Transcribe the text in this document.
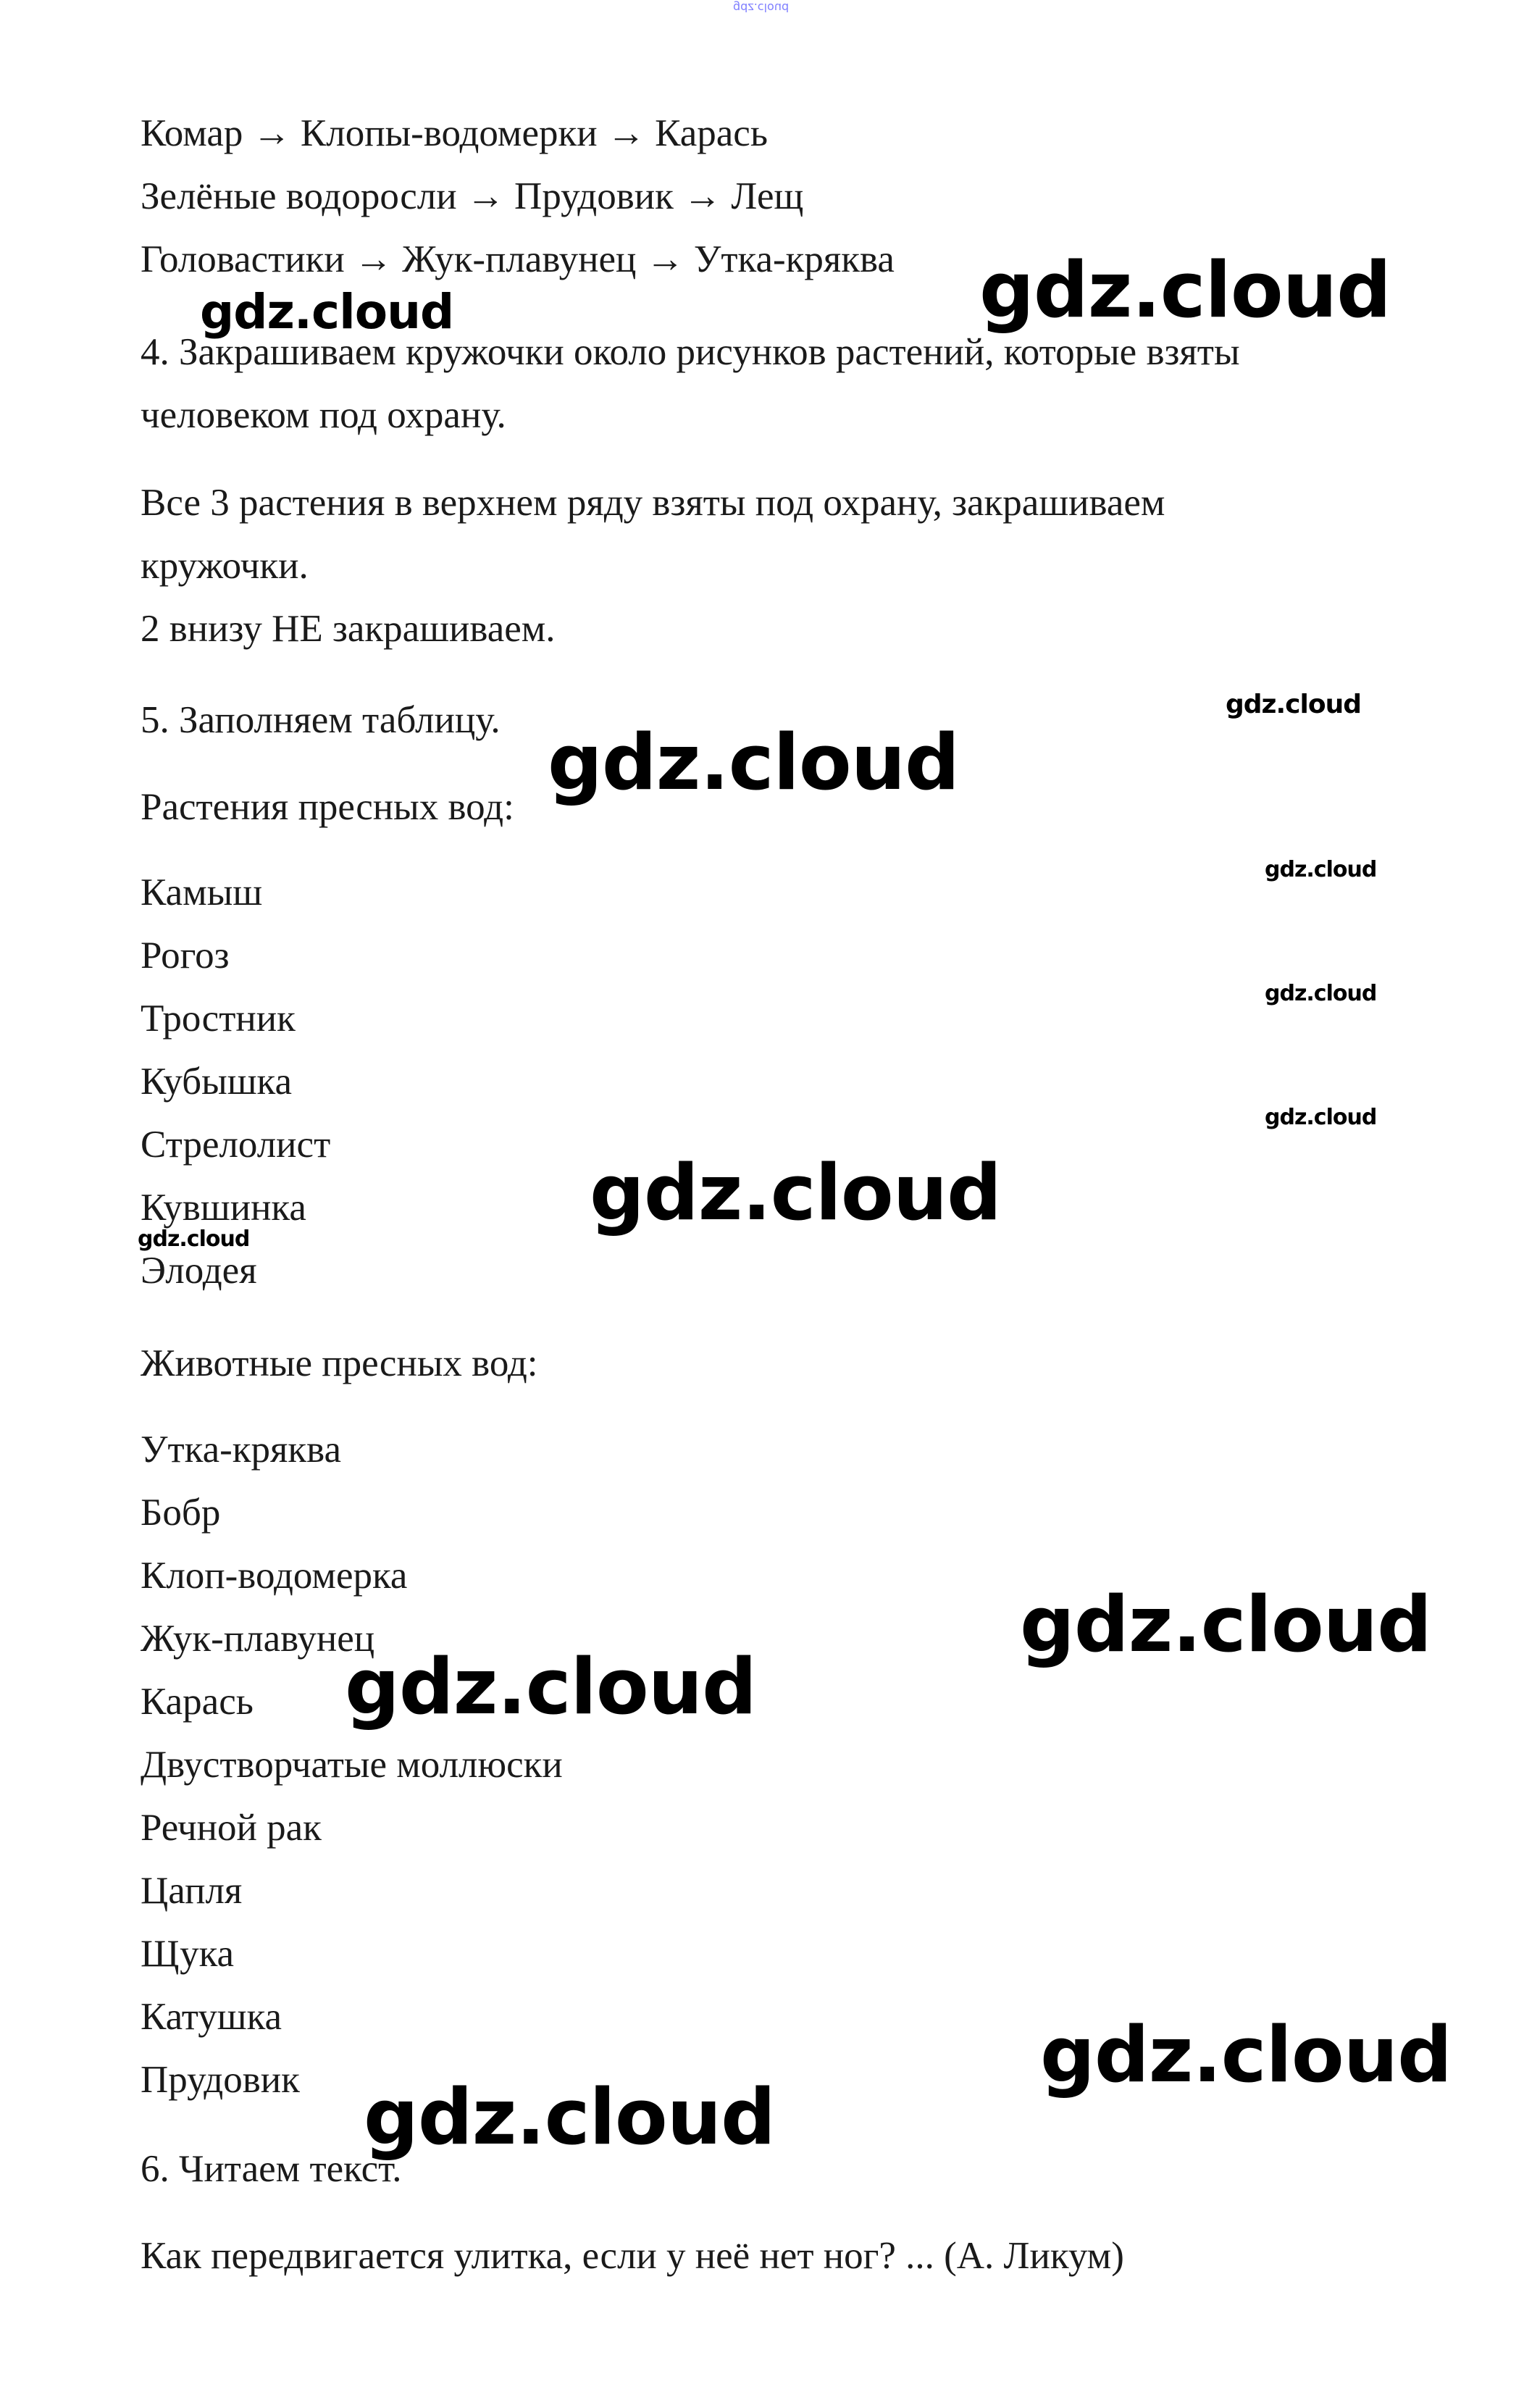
gdz.cloud
Комар → Клопы-водомерки → Карась
Зелёные водоросли → Прудовик → Лещ
Головастики → Жук-плавунец → Утка-кряква
4. Закрашиваем кружочки около рисунков растений, которые взяты
человеком под охрану.
Все 3 растения в верхнем ряду взяты под охрану, закрашиваем
кружочки.
2 внизу НЕ закрашиваем.
5. Заполняем таблицу.
Растения пресных вод:
Камыш
Рогоз
Тростник
Кубышка
Стрелолист
Кувшинка
Элодея
Животные пресных вод:
Утка-кряква
Бобр
Клоп-водомерка
Жук-плавунец
Карась
Двустворчатые моллюски
Речной рак
Цапля
Щука
Катушка
Прудовик
6. Читаем текст.
Как передвигается улитка, если у неё нет ног? ... (А. Ликум)
gdz.cloud
gdz.cloud
gdz.cloud
gdz.cloud
gdz.cloud
gdz.cloud
gdz.cloud
gdz.cloud
gdz.cloud
gdz.cloud
gdz.cloud
gdz.cloud
gdz.cloud
